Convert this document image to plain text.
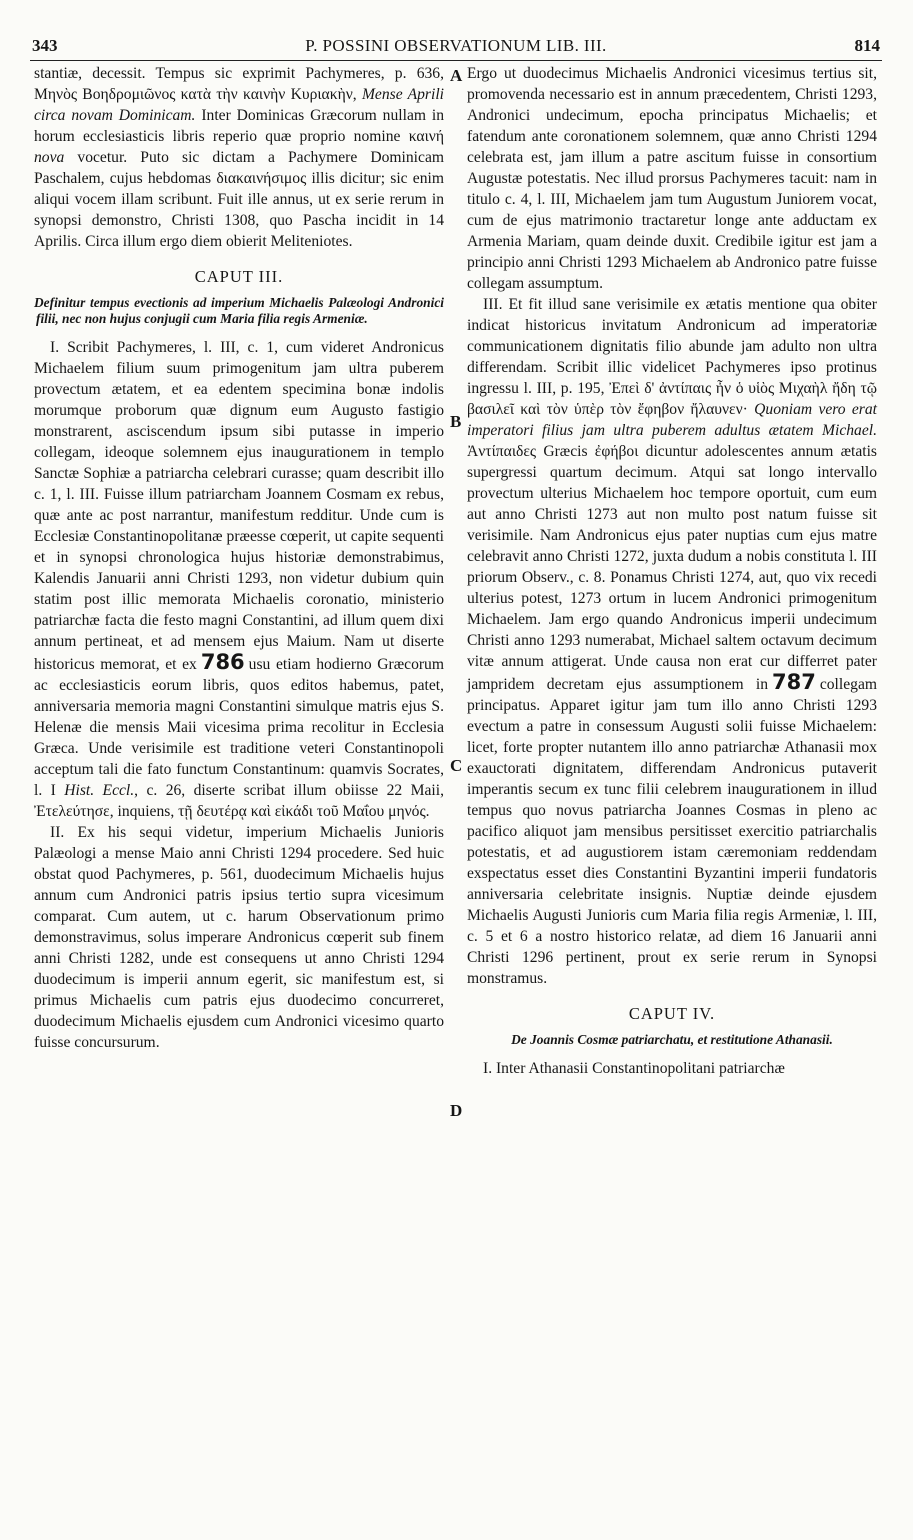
343	P. POSSINI OBSERVATIONUM LIB. III.	814
A
B
C
D

stantiæ, decessit. Tempus sic exprimit Pachymeres, p. 636, Μηνὸς Βοηδρομιῶνος κατὰ τὴν καινὴν Κυριακὴν, Mense Aprili circa novam Dominicam. Inter Dominicas Græcorum nullam in horum ecclesiasticis libris reperio quæ proprio nomine καινή nova vocetur. Puto sic dictam a Pachymere Dominicam Paschalem, cujus hebdomas διακαινήσιμος illis dicitur; sic enim aliqui vocem illam scribunt. Fuit ille annus, ut ex serie rerum in synopsi demonstro, Christi 1308, quo Pascha incidit in 14 Aprilis. Circa illum ergo diem obierit Meliteniotes.

CAPUT III.
Definitur tempus evectionis ad imperium Michaelis Palæologi Andronici filii, nec non hujus conjugii cum Maria filia regis Armeniæ.

I. Scribit Pachymeres, l. III, c. 1, cum videret Andronicus Michaelem filium suum primogenitum jam ultra puberem provectum ætatem, et ea edentem specimina bonæ indolis morumque proborum quæ dignum eum Augusto fastigio monstrarent, asciscendum ipsum sibi putasse in imperio collegam, ideoque solemnem ejus inaugurationem in templo Sanctæ Sophiæ a patriarcha celebrari curasse; quam describit illo c. 1, l. III. Fuisse illum patriarcham Joannem Cosmam ex rebus, quæ ante ac post narrantur, manifestum redditur. Unde cum is Ecclesiæ Constantinopolitanæ præesse cœperit, ut capite sequenti et in synopsi chronologica hujus historiæ demonstrabimus, Kalendis Januarii anni Christi 1293, non videtur dubium quin statim post illic memorata Michaelis coronatio, ministerio patriarchæ facta die festo magni Constantini, ad illum quem dixi annum pertineat, et ad mensem ejus Maium. Nam ut diserte historicus memorat, et ex 786 usu etiam hodierno Græcorum ac ecclesiasticis eorum libris, quos editos habemus, patet, anniversaria memoria magni Constantini simulque matris ejus S. Helenæ die mensis Maii vicesima prima recolitur in Ecclesia Græca. Unde verisimile est traditione veteri Constantinopoli acceptum tali die fato functum Constantinum: quamvis Socrates, l. I Hist. Eccl., c. 26, diserte scribat illum obiisse 22 Maii, Ἐτελεύτησε, inquiens, τῇ δευτέρᾳ καὶ εἰκάδι τοῦ Μαΐου μηνός.

II. Ex his sequi videtur, imperium Michaelis Junioris Palæologi a mense Maio anni Christi 1294 procedere. Sed huic obstat quod Pachymeres, p. 561, duodecimum Michaelis hujus annum cum Andronici patris ipsius tertio supra vicesimum comparat. Cum autem, ut c. harum Observationum primo demonstravimus, solus imperare Andronicus cœperit sub finem anni Christi 1282, unde est consequens ut anno Christi 1294 duodecimum is imperii annum egerit, sic manifestum est, si primus Michaelis cum patris ejus duodecimo concurreret, duodecimum Michaelis ejusdem cum Andronici vicesimo quarto fuisse concursurum.

Ergo ut duodecimus Michaelis Andronici vicesimus tertius sit, promovenda necessario est in annum præcedentem, Christi 1293, Andronici undecimum, epocha principatus Michaelis; et fatendum ante coronationem solemnem, quæ anno Christi 1294 celebrata est, jam illum a patre ascitum fuisse in consortium Augustæ potestatis. Nec illud prorsus Pachymeres tacuit: nam in titulo c. 4, l. III, Michaelem jam tum Augustum Juniorem vocat, cum de ejus matrimonio tractaretur longe ante adductam ex Armenia Mariam, quam deinde duxit. Credibile igitur est jam a principio anni Christi 1293 Michaelem ab Andronico patre fuisse collegam assumptum.

III. Et fit illud sane verisimile ex ætatis mentione qua obiter indicat historicus invitatum Andronicum ad imperatoriæ communicationem dignitatis filio abunde jam adulto non ultra differendam. Scribit illic videlicet Pachymeres ipso protinus ingressu l. III, p. 195, Ἐπεὶ δ' ἀντίπαις ἦν ὁ υἱὸς Μιχαὴλ ἤδη τῷ βασιλεῖ καὶ τὸν ὑπὲρ τὸν ἔφηβον ἤλαυνεν· Quoniam vero erat imperatori filius jam ultra puberem adultus ætatem Michael. Ἀντίπαιδες Græcis ἐφήβοι dicuntur adolescentes annum ætatis supergressi quartum decimum. Atqui sat longo intervallo provectum ulterius Michaelem hoc tempore oportuit, cum eum aut anno Christi 1273 aut non multo post natum fuisse sit verisimile. Nam Andronicus ejus pater nuptias cum ejus matre celebravit anno Christi 1272, juxta dudum a nobis constituta l. III priorum Observ., c. 8. Ponamus Christi 1274, aut, quo vix recedi ulterius potest, 1273 ortum in lucem Andronici primogenitum Michaelem. Jam ergo quando Andronicus imperii undecimum Christi anno 1293 numerabat, Michael saltem octavum decimum vitæ annum attigerat. Unde causa non erat cur differret pater jampridem decretam ejus assumptionem in 787 collegam principatus. Apparet igitur jam tum illo anno Christi 1293 evectum a patre in consessum Augusti solii fuisse Michaelem: licet, forte propter nutantem illo anno patriarchæ Athanasii mox exauctorati dignitatem, differendam Andronicus putaverit imperantis secum ex tunc filii celebrem inaugurationem in illud tempus quo novus patriarcha Joannes Cosmas in pleno ac pacifico aliquot jam mensibus persitisset exercitio patriarchalis potestatis, et ad augustiorem istam cæremoniam reddendam exspectatus esset dies Constantini Byzantini imperii fundatoris anniversaria celebritate insignis. Nuptiæ deinde ejusdem Michaelis Augusti Junioris cum Maria filia regis Armeniæ, l. III, c. 5 et 6 a nostro historico relatæ, ad diem 16 Januarii anni Christi 1296 pertinent, prout ex serie rerum in Synopsi monstramus.

CAPUT IV.
De Joannis Cosmæ patriarchatu, et restitutione Athanasii.

I. Inter Athanasii Constantinopolitani patriarchæ
